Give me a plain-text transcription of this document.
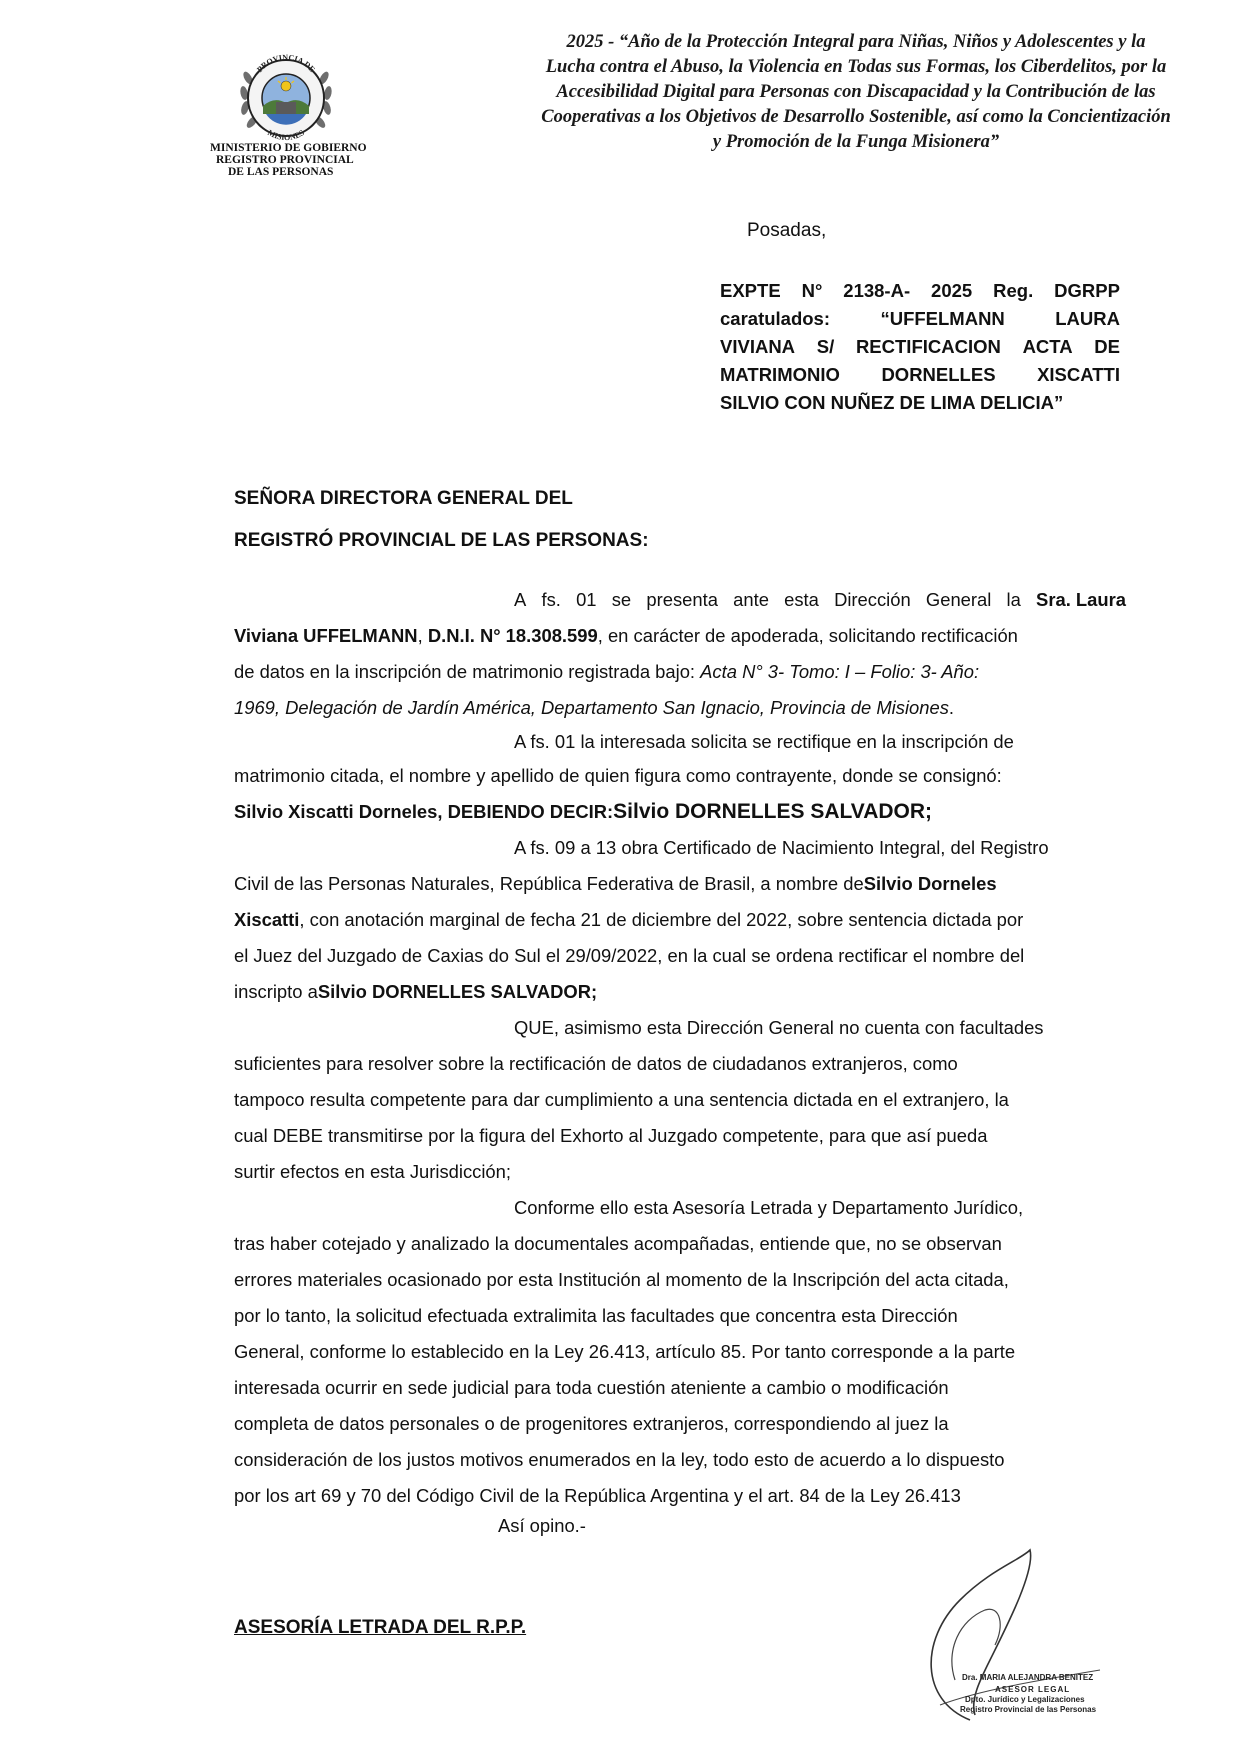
PROVINCIA DE
MISIONES
MINISTERIO DE GOBIERNO
REGISTRO PROVINCIAL
DE LAS PERSONAS
2025 - “Año de la Protección Integral para Niñas, Niños y Adolescentes y la
Lucha contra el Abuso, la Violencia en Todas sus Formas, los Ciberdelitos, por la
Accesibilidad Digital para Personas con Discapacidad y la Contribución de las
Cooperativas a los Objetivos de Desarrollo Sostenible, así como la Concientización
y Promoción de la Funga Misionera”
Posadas,
EXPTE N° 2138-A- 2025 Reg. DGRPP
caratulados:	“UFFELMANN	LAURA
VIVIANA S/ RECTIFICACION ACTA DE
MATRIMONIO DORNELLES XISCATTI
SILVIO CON NUÑEZ DE LIMA DELICIA”
SEÑORA DIRECTORA GENERAL DEL
REGISTRÓ PROVINCIAL DE LAS PERSONAS:
A fs. 01 se presenta ante esta Dirección General la Sra. Laura
Viviana UFFELMANN, D.N.I. N° 18.308.599, en carácter de apoderada, solicitando rectificación
de datos en la inscripción de matrimonio registrada bajo: Acta N° 3- Tomo: I – Folio: 3- Año:
1969, Delegación de Jardín América, Departamento San Ignacio, Provincia de Misiones .
A fs. 01 la interesada solicita se rectifique en la inscripción de
matrimonio citada, el nombre y apellido de quien figura como contrayente, donde se consignó:
Silvio Xiscatti Dorneles, DEBIENDO DECIR: Silvio DORNELLES SALVADOR;
A fs. 09 a 13 obra Certificado de Nacimiento Integral, del Registro
Civil de las Personas Naturales, República Federativa de Brasil, a nombre de Silvio Dorneles
Xiscatti , con anotación marginal de fecha 21 de diciembre del 2022, sobre sentencia dictada por
el Juez del Juzgado de Caxias do Sul el 29/09/2022, en la cual se ordena rectificar el nombre del
inscripto a Silvio DORNELLES SALVADOR;
QUE, asimismo esta Dirección General no cuenta con facultades
suficientes para resolver sobre la rectificación de datos de ciudadanos extranjeros, como
tampoco resulta competente para dar cumplimiento a una sentencia dictada en el extranjero, la
cual DEBE transmitirse por la figura del Exhorto al Juzgado competente, para que así pueda
surtir efectos en esta Jurisdicción;
Conforme ello esta Asesoría Letrada y Departamento Jurídico,
tras haber cotejado y analizado la documentales acompañadas, entiende que, no se observan
errores materiales ocasionado por esta Institución al momento de la Inscripción del acta citada,
por lo tanto, la solicitud efectuada extralimita las facultades que concentra esta Dirección
General, conforme lo establecido en la Ley 26.413, artículo 85. Por tanto corresponde a la parte
interesada ocurrir en sede judicial para toda cuestión ateniente a cambio o modificación
completa de datos personales o de progenitores extranjeros, correspondiendo al juez la
consideración de los justos motivos enumerados en la ley, todo esto de acuerdo a lo dispuesto
por los art 69 y 70 del Código Civil de la República Argentina y el art. 84 de la Ley 26.413
Así opino.-
ASESORÍA LETRADA DEL R.P.P.
Dra. MARIA ALEJANDRA BENITEZ
ASESOR LEGAL
Dpto. Jurídico y Legalizaciones
Registro Provincial de las Personas
